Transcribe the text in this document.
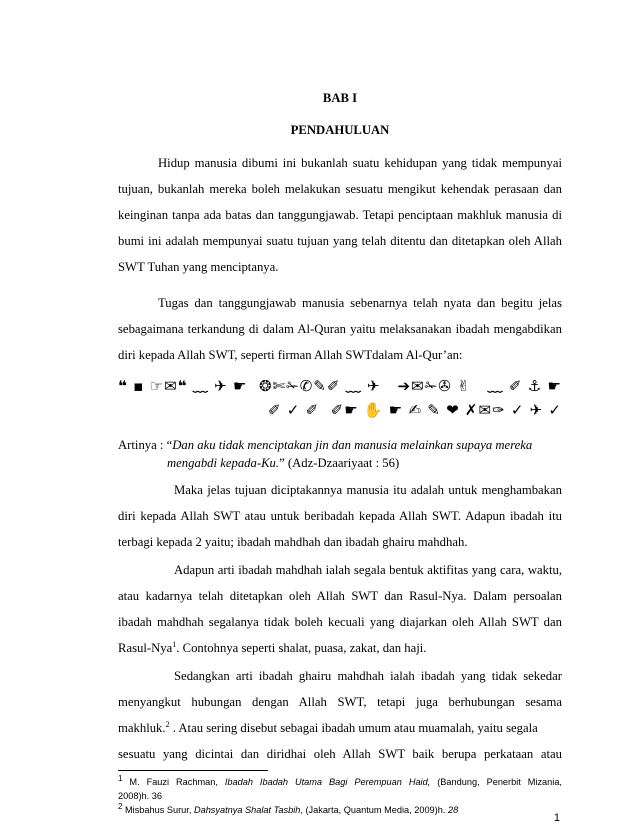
BAB I
PENDAHULUAN
Hidup manusia dibumi ini bukanlah suatu kehidupan yang tidak mempunyai
tujuan, bukanlah mereka boleh melakukan sesuatu mengikut kehendak perasaan dan
keinginan tanpa ada batas dan tanggungjawab. Tetapi penciptaan makhluk manusia di
bumi ini adalah mempunyai suatu tujuan yang telah ditentu dan ditetapkan oleh Allah
SWT Tuhan yang menciptanya.
Tugas dan tanggungjawab manusia sebenarnya telah nyata dan begitu jelas
sebagaimana terkandung di dalam Al-Quran yaitu melaksanakan ibadah mengabdikan
diri kepada Allah SWT, seperti firman Allah SWTdalam Al-Qur’an:
❝▪☞✉❝﹏✈☛ ❂✄✁✆✎✐﹏✈ ➔✉✁✇✌ ﹏✐⚓☛
✐✓✐ ✐☛✋☛✍✎❤✗✉✑✓✈✓
Artinya : “Dan aku tidak menciptakan jin dan manusia melainkan supaya mereka
mengabdi kepada-Ku.” (Adz-Dzaariyaat : 56)
Maka jelas tujuan diciptakannya manusia itu adalah untuk menghambakan
diri kepada Allah SWT atau untuk beribadah kepada Allah SWT. Adapun ibadah itu
terbagi kepada 2 yaitu; ibadah mahdhah dan ibadah ghairu mahdhah.
Adapun arti ibadah mahdhah ialah segala bentuk aktifitas yang cara, waktu,
atau kadarnya telah ditetapkan oleh Allah SWT dan Rasul-Nya. Dalam persoalan
ibadah mahdhah segalanya tidak boleh kecuali yang diajarkan oleh Allah SWT dan
Rasul-Nya$^1$. Contohnya seperti shalat, puasa, zakat, dan haji.
Sedangkan arti ibadah ghairu mahdhah ialah ibadah yang tidak sekedar
menyangkut hubungan dengan Allah SWT, tetapi juga berhubungan sesama
makhluk.$^2$ . Atau sering disebut sebagai ibadah umum atau muamalah, yaitu segala
sesuatu yang dicintai dan diridhai oleh Allah SWT baik berupa perkataan atau
$^1$ M. Fauzi Rachman, Ibadah Ibadah Utama Bagi Perempuan Haid, (Bandung, Penerbit Mizania,
2008)h. 36
$^2$ Misbahus Surur, Dahsyatnya Shalat Tasbih, (Jakarta, Quantum Media, 2009)h. 28
1
